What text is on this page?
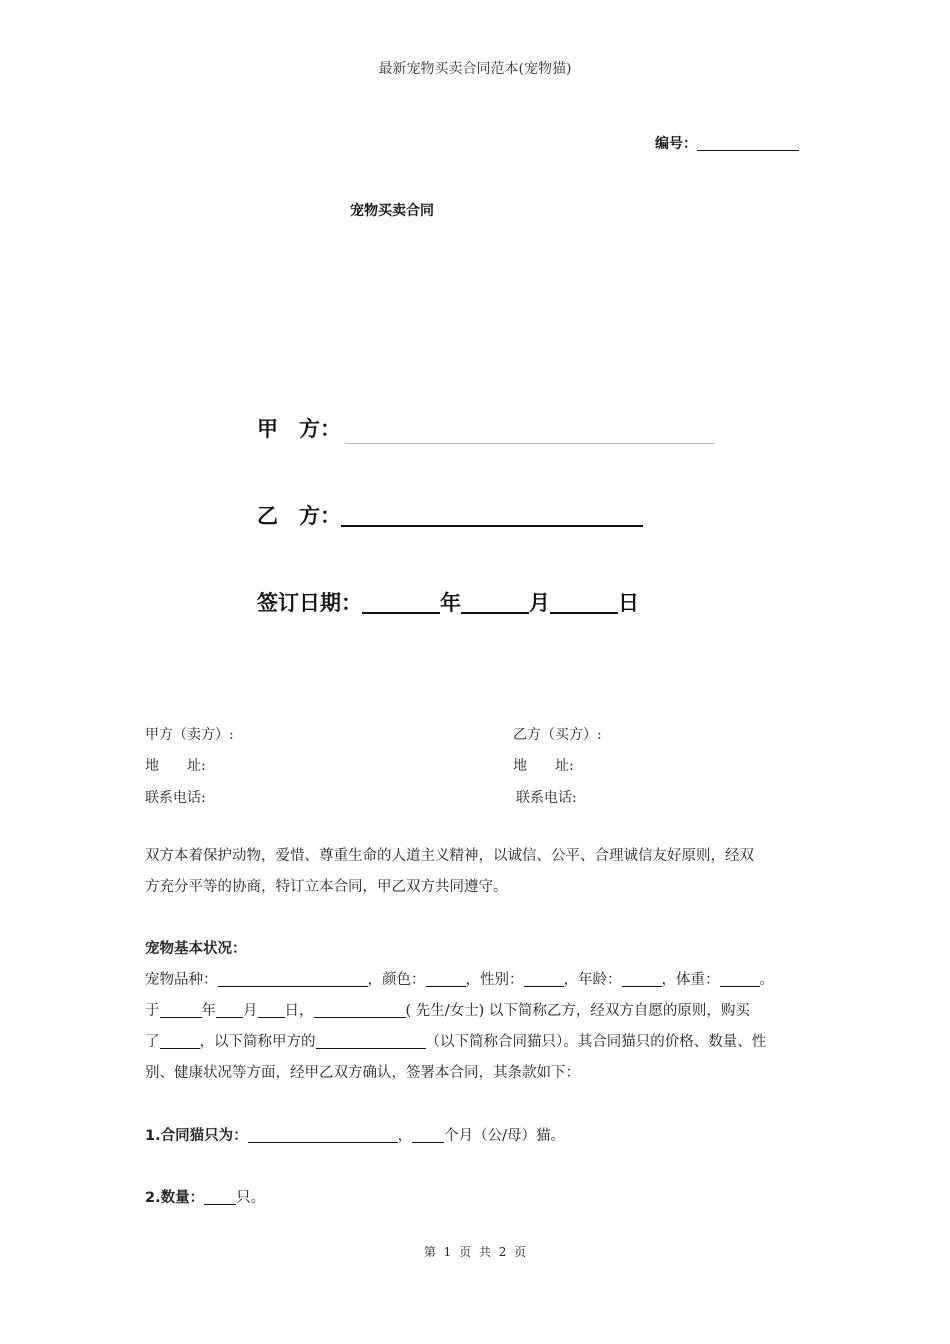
最新宠物买卖合同范本(宠物猫)
编号：
宠物买卖合同
甲　方：
乙　方：
签订日期：	年	月	日
甲方（卖方）:	乙方（买方）:
地　　址:	地　　址:
联系电话:	联系电话:
双方本着保护动物，爱惜、尊重生命的人道主义精神，以诚信、公平、合理诚信友好原则，经双
方充分平等的协商，特订立本合同，甲乙双方共同遵守。
宠物基本状况：
宠物品种：	，颜色：	，性别：	，年龄：	，体重：	。
于	年 月 日，	( 先生/女士) 以下简称乙方，经双方自愿的原则，购买
了	，以下简称甲方的	（以下简称合同猫只）。其合同猫只的价格、数量、性
别、健康状况等方面，经甲乙双方确认，签署本合同，其条款如下：
1.合同猫只为：	， 个月（公/母）猫。
2.数量： 只。
第 1 页 共 2 页
